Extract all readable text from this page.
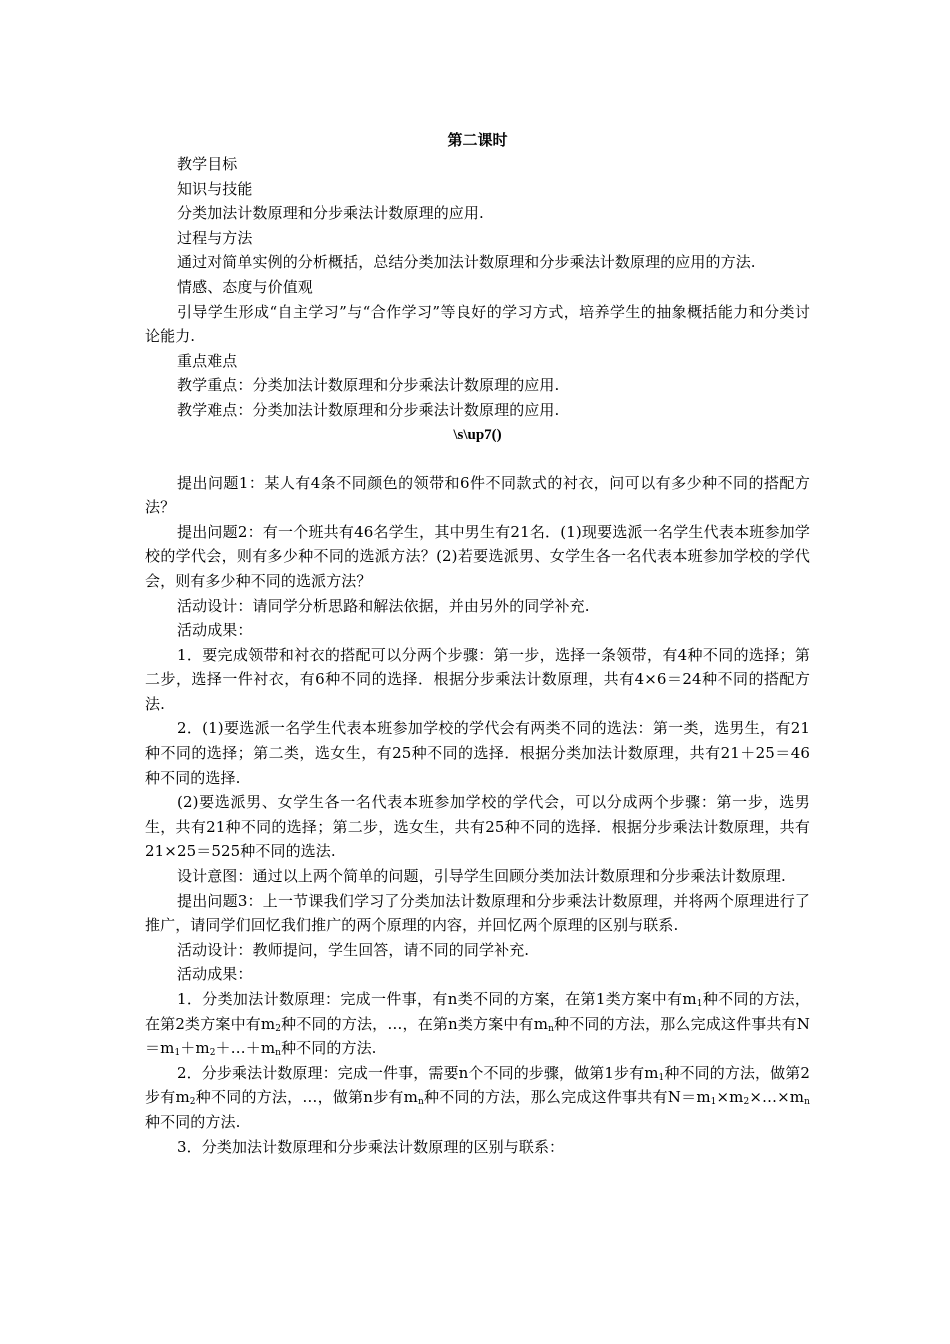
第二课时

教学目标

知识与技能

分类加法计数原理和分步乘法计数原理的应用.

过程与方法

通过对简单实例的分析概括，总结分类加法计数原理和分步乘法计数原理的应用的方法.

情感、态度与价值观

引导学生形成“自主学习”与“合作学习”等良好的学习方式，培养学生的抽象概括能力和分类讨论能力.

重点难点

教学重点：分类加法计数原理和分步乘法计数原理的应用.

教学难点：分类加法计数原理和分步乘法计数原理的应用.

\s\up7()

提出问题1：某人有4条不同颜色的领带和6件不同款式的衬衣，问可以有多少种不同的搭配方法？

提出问题2：有一个班共有46名学生，其中男生有21名．(1)现要选派一名学生代表本班参加学校的学代会，则有多少种不同的选派方法？(2)若要选派男、女学生各一名代表本班参加学校的学代会，则有多少种不同的选派方法？

活动设计：请同学分析思路和解法依据，并由另外的同学补充.

活动成果：

1．要完成领带和衬衣的搭配可以分两个步骤：第一步，选择一条领带，有4种不同的选择；第二步，选择一件衬衣，有6种不同的选择．根据分步乘法计数原理，共有4×6＝24种不同的搭配方法.

2．(1)要选派一名学生代表本班参加学校的学代会有两类不同的选法：第一类，选男生，有21种不同的选择；第二类，选女生，有25种不同的选择．根据分类加法计数原理，共有21＋25＝46种不同的选择.

(2)要选派男、女学生各一名代表本班参加学校的学代会，可以分成两个步骤：第一步，选男生，共有21种不同的选择；第二步，选女生，共有25种不同的选择．根据分步乘法计数原理，共有21×25＝525种不同的选法.

设计意图：通过以上两个简单的问题，引导学生回顾分类加法计数原理和分步乘法计数原理.

提出问题3：上一节课我们学习了分类加法计数原理和分步乘法计数原理，并将两个原理进行了推广，请同学们回忆我们推广的两个原理的内容，并回忆两个原理的区别与联系.

活动设计：教师提问，学生回答，请不同的同学补充.

活动成果：

1．分类加法计数原理：完成一件事，有n类不同的方案，在第1类方案中有$m_1$种不同的方法，在第2类方案中有$m_2$种不同的方法，…，在第n类方案中有$m_n$种不同的方法，那么完成这件事共有$N=m_1+m_2+\dots+m_n$种不同的方法.

2．分步乘法计数原理：完成一件事，需要n个不同的步骤，做第1步有$m_1$种不同的方法，做第2步有$m_2$种不同的方法，…，做第n步有$m_n$种不同的方法，那么完成这件事共有$N=m_1\times m_2\times\dots\times m_n$种不同的方法.

3．分类加法计数原理和分步乘法计数原理的区别与联系：
